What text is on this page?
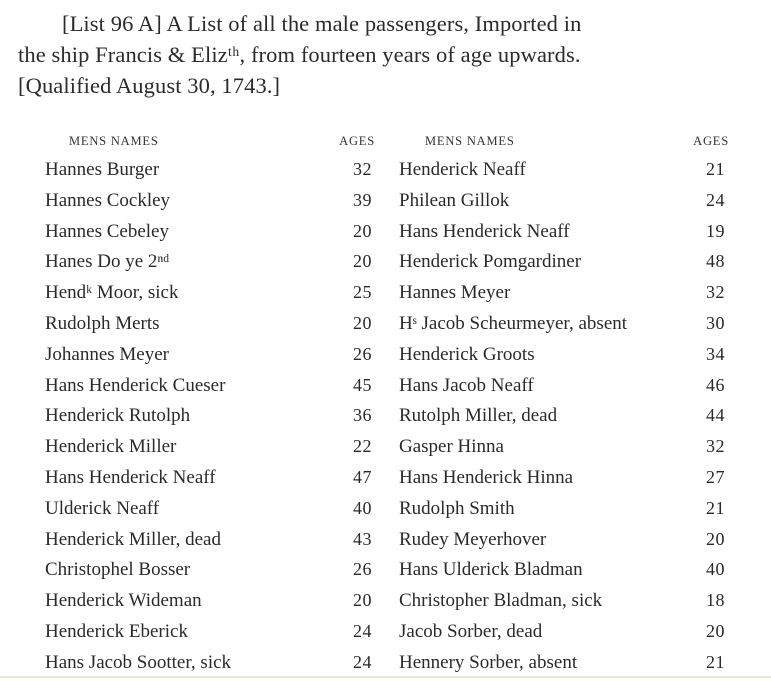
[List 96 A] A List of all the male passengers, Imported in
the ship Francis & Elizᵗʰ, from fourteen years of age upwards.
[Qualified August 30, 1743.]
MENS NAMES	AGES
Hannes Burger	32
Hannes Cockley	39
Hannes Cebeley	20
Hanes Do ye 2ⁿᵈ	20
Hendᵏ Moor, sick	25
Rudolph Merts	20
Johannes Meyer	26
Hans Henderick Cueser	45
Henderick Rutolph	36
Henderick Miller	22
Hans Henderick Neaff	47
Ulderick Neaff	40
Henderick Miller, dead	43
Christophel Bosser	26
Henderick Wideman	20
Henderick Eberick	24
Hans Jacob Sootter, sick	24
MENS NAMES	AGES
Henderick Neaff	21
Philean Gillok	24
Hans Henderick Neaff	19
Henderick Pomgardiner	48
Hannes Meyer	32
Hˢ Jacob Scheurmeyer, absent	30
Henderick Groots	34
Hans Jacob Neaff	46
Rutolph Miller, dead	44
Gasper Hinna	32
Hans Henderick Hinna	27
Rudolph Smith	21
Rudey Meyerhover	20
Hans Ulderick Bladman	40
Christopher Bladman, sick	18
Jacob Sorber, dead	20
Hennery Sorber, absent	21
